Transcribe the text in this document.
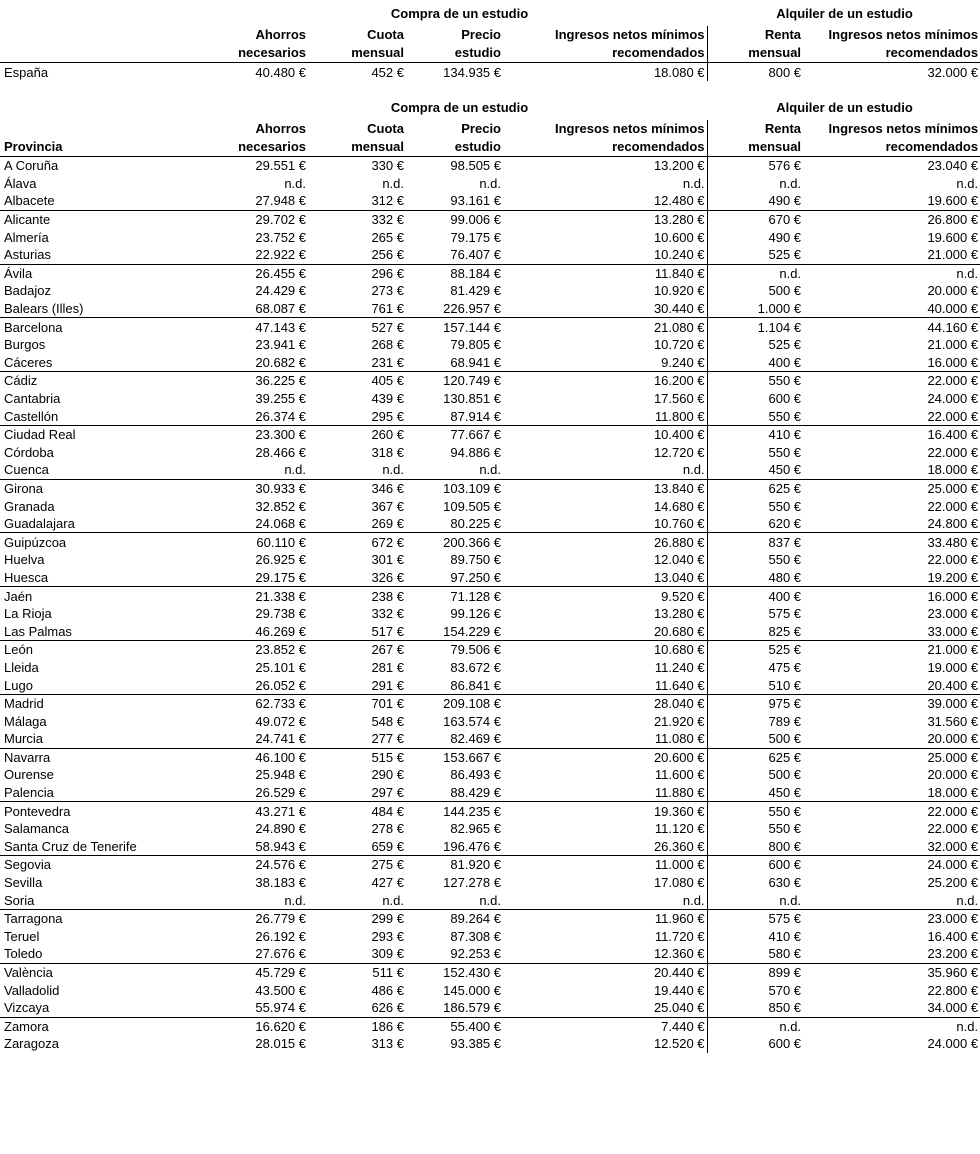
	Compra de un estudio				Alquiler de un estudio	
	Ahorros	Cuota	Precio	Ingresos netos mínimos	Renta	Ingresos netos mínimos
	necesarios	mensual	estudio	recomendados	mensual	recomendados
España	40.480 €	452 €	134.935 €	18.080 €	800 €	32.000 €
	Compra de un estudio				Alquiler de un estudio	
	Ahorros	Cuota	Precio	Ingresos netos mínimos	Renta	Ingresos netos mínimos
Provincia	necesarios	mensual	estudio	recomendados	mensual	recomendados
A Coruña	29.551 €	330 €	98.505 €	13.200 €	576 €	23.040 €
Álava	n.d.	n.d.	n.d.	n.d.	n.d.	n.d.
Albacete	27.948 €	312 €	93.161 €	12.480 €	490 €	19.600 €
Alicante	29.702 €	332 €	99.006 €	13.280 €	670 €	26.800 €
Almería	23.752 €	265 €	79.175 €	10.600 €	490 €	19.600 €
Asturias	22.922 €	256 €	76.407 €	10.240 €	525 €	21.000 €
Ávila	26.455 €	296 €	88.184 €	11.840 €	n.d.	n.d.
Badajoz	24.429 €	273 €	81.429 €	10.920 €	500 €	20.000 €
Balears (Illes)	68.087 €	761 €	226.957 €	30.440 €	1.000 €	40.000 €
Barcelona	47.143 €	527 €	157.144 €	21.080 €	1.104 €	44.160 €
Burgos	23.941 €	268 €	79.805 €	10.720 €	525 €	21.000 €
Cáceres	20.682 €	231 €	68.941 €	9.240 €	400 €	16.000 €
Cádiz	36.225 €	405 €	120.749 €	16.200 €	550 €	22.000 €
Cantabria	39.255 €	439 €	130.851 €	17.560 €	600 €	24.000 €
Castellón	26.374 €	295 €	87.914 €	11.800 €	550 €	22.000 €
Ciudad Real	23.300 €	260 €	77.667 €	10.400 €	410 €	16.400 €
Córdoba	28.466 €	318 €	94.886 €	12.720 €	550 €	22.000 €
Cuenca	n.d.	n.d.	n.d.	n.d.	450 €	18.000 €
Girona	30.933 €	346 €	103.109 €	13.840 €	625 €	25.000 €
Granada	32.852 €	367 €	109.505 €	14.680 €	550 €	22.000 €
Guadalajara	24.068 €	269 €	80.225 €	10.760 €	620 €	24.800 €
Guipúzcoa	60.110 €	672 €	200.366 €	26.880 €	837 €	33.480 €
Huelva	26.925 €	301 €	89.750 €	12.040 €	550 €	22.000 €
Huesca	29.175 €	326 €	97.250 €	13.040 €	480 €	19.200 €
Jaén	21.338 €	238 €	71.128 €	9.520 €	400 €	16.000 €
La Rioja	29.738 €	332 €	99.126 €	13.280 €	575 €	23.000 €
Las Palmas	46.269 €	517 €	154.229 €	20.680 €	825 €	33.000 €
León	23.852 €	267 €	79.506 €	10.680 €	525 €	21.000 €
Lleida	25.101 €	281 €	83.672 €	11.240 €	475 €	19.000 €
Lugo	26.052 €	291 €	86.841 €	11.640 €	510 €	20.400 €
Madrid	62.733 €	701 €	209.108 €	28.040 €	975 €	39.000 €
Málaga	49.072 €	548 €	163.574 €	21.920 €	789 €	31.560 €
Murcia	24.741 €	277 €	82.469 €	11.080 €	500 €	20.000 €
Navarra	46.100 €	515 €	153.667 €	20.600 €	625 €	25.000 €
Ourense	25.948 €	290 €	86.493 €	11.600 €	500 €	20.000 €
Palencia	26.529 €	297 €	88.429 €	11.880 €	450 €	18.000 €
Pontevedra	43.271 €	484 €	144.235 €	19.360 €	550 €	22.000 €
Salamanca	24.890 €	278 €	82.965 €	11.120 €	550 €	22.000 €
Santa Cruz de Tenerife	58.943 €	659 €	196.476 €	26.360 €	800 €	32.000 €
Segovia	24.576 €	275 €	81.920 €	11.000 €	600 €	24.000 €
Sevilla	38.183 €	427 €	127.278 €	17.080 €	630 €	25.200 €
Soria	n.d.	n.d.	n.d.	n.d.	n.d.	n.d.
Tarragona	26.779 €	299 €	89.264 €	11.960 €	575 €	23.000 €
Teruel	26.192 €	293 €	87.308 €	11.720 €	410 €	16.400 €
Toledo	27.676 €	309 €	92.253 €	12.360 €	580 €	23.200 €
València	45.729 €	511 €	152.430 €	20.440 €	899 €	35.960 €
Valladolid	43.500 €	486 €	145.000 €	19.440 €	570 €	22.800 €
Vizcaya	55.974 €	626 €	186.579 €	25.040 €	850 €	34.000 €
Zamora	16.620 €	186 €	55.400 €	7.440 €	n.d.	n.d.
Zaragoza	28.015 €	313 €	93.385 €	12.520 €	600 €	24.000 €
